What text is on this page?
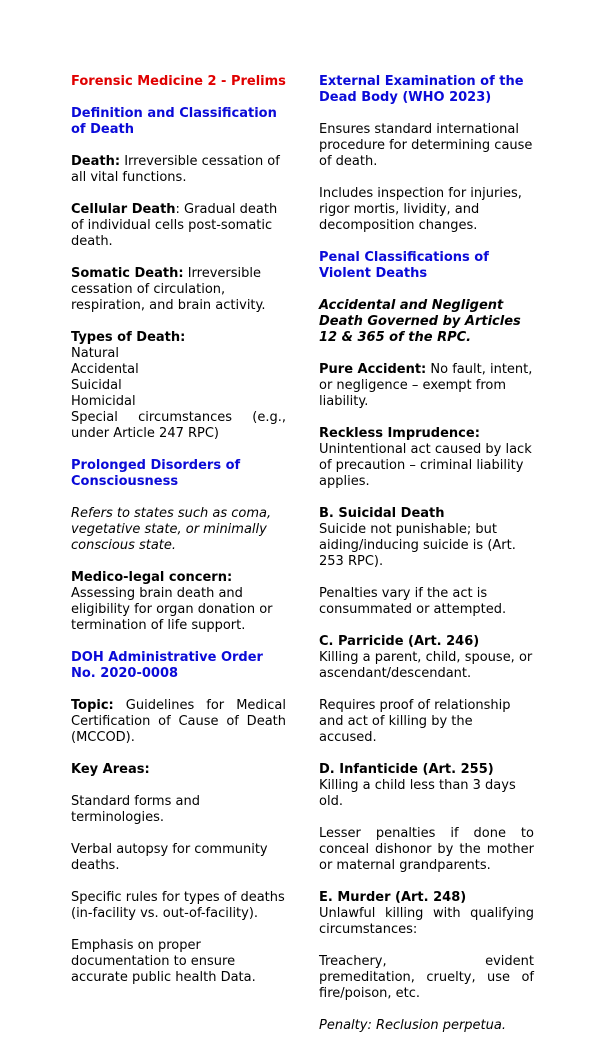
Forensic Medicine 2 - Prelims
Definition and Classification of Death
Death: Irreversible cessation of all vital functions.
Cellular Death: Gradual death of individual cells post-somatic death.
Somatic Death: Irreversible cessation of circulation, respiration, and brain activity.
Types of Death:
Natural
Accidental
Suicidal
Homicidal
Special circumstances (e.g., under Article 247 RPC)
Prolonged Disorders of Consciousness
Refers to states such as coma, vegetative state, or minimally conscious state.
Medico-legal concern: Assessing brain death and eligibility for organ donation or termination of life support.
DOH Administrative Order No. 2020-0008
Topic: Guidelines for Medical Certification of Cause of Death (MCCOD).
Key Areas:
Standard forms and terminologies.
Verbal autopsy for community deaths.
Specific rules for types of deaths (in-facility vs. out-of-facility).
Emphasis on proper documentation to ensure accurate public health Data.
External Examination of the Dead Body (WHO 2023)
Ensures standard international procedure for determining cause of death.
Includes inspection for injuries, rigor mortis, lividity, and decomposition changes.
Penal Classifications of Violent Deaths
Accidental and Negligent Death Governed by Articles 12 & 365 of the RPC.
Pure Accident: No fault, intent, or negligence – exempt from liability.
Reckless Imprudence:
Unintentional act caused by lack of precaution – criminal liability applies.
B. Suicidal Death
Suicide not punishable; but aiding/inducing suicide is (Art. 253 RPC).
Penalties vary if the act is consummated or attempted.
C. Parricide (Art. 246)
Killing a parent, child, spouse, or ascendant/descendant.
Requires proof of relationship and act of killing by the accused.
D. Infanticide (Art. 255)
Killing a child less than 3 days old.
Lesser penalties if done to conceal dishonor by the mother or maternal grandparents.
E. Murder (Art. 248)
Unlawful killing with qualifying circumstances:
Treachery, evident premeditation, cruelty, use of fire/poison, etc.
Penalty: Reclusion perpetua.
